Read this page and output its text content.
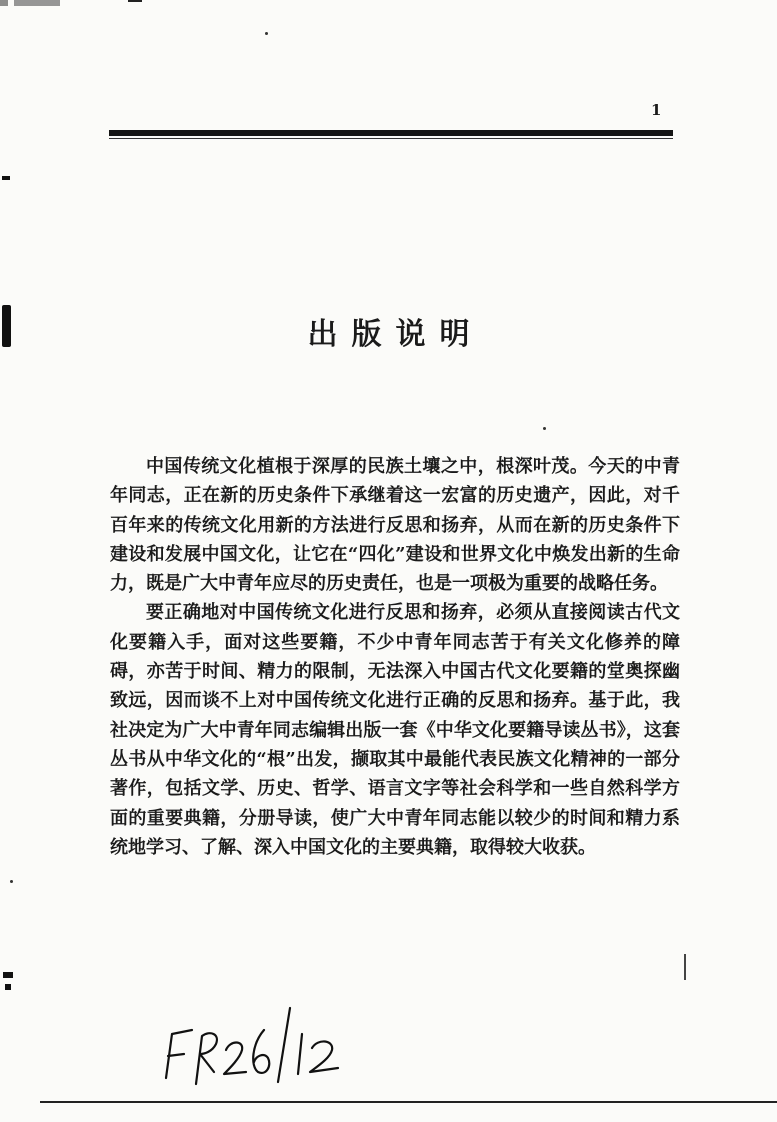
1
出版说明

中国传统文化植根于深厚的民族土壤之中，根深叶茂。今天的中青年同志，正在新的历史条件下承继着这一宏富的历史遗产，因此，对千百年来的传统文化用新的方法进行反思和扬弃，从而在新的历史条件下建设和发展中国文化，让它在“四化”建设和世界文化中焕发出新的生命力，既是广大中青年应尽的历史责任，也是一项极为重要的战略任务。

要正确地对中国传统文化进行反思和扬弃，必须从直接阅读古代文化要籍入手，面对这些要籍，不少中青年同志苦于有关文化修养的障碍，亦苦于时间、精力的限制，无法深入中国古代文化要籍的堂奥探幽致远，因而谈不上对中国传统文化进行正确的反思和扬弃。基于此，我社决定为广大中青年同志编辑出版一套《中华文化要籍导读丛书》，这套丛书从中华文化的“根”出发，撷取其中最能代表民族文化精神的一部分著作，包括文学、历史、哲学、语言文字等社会科学和一些自然科学方面的重要典籍，分册导读，使广大中青年同志能以较少的时间和精力系统地学习、了解、深入中国文化的主要典籍，取得较大收获。
